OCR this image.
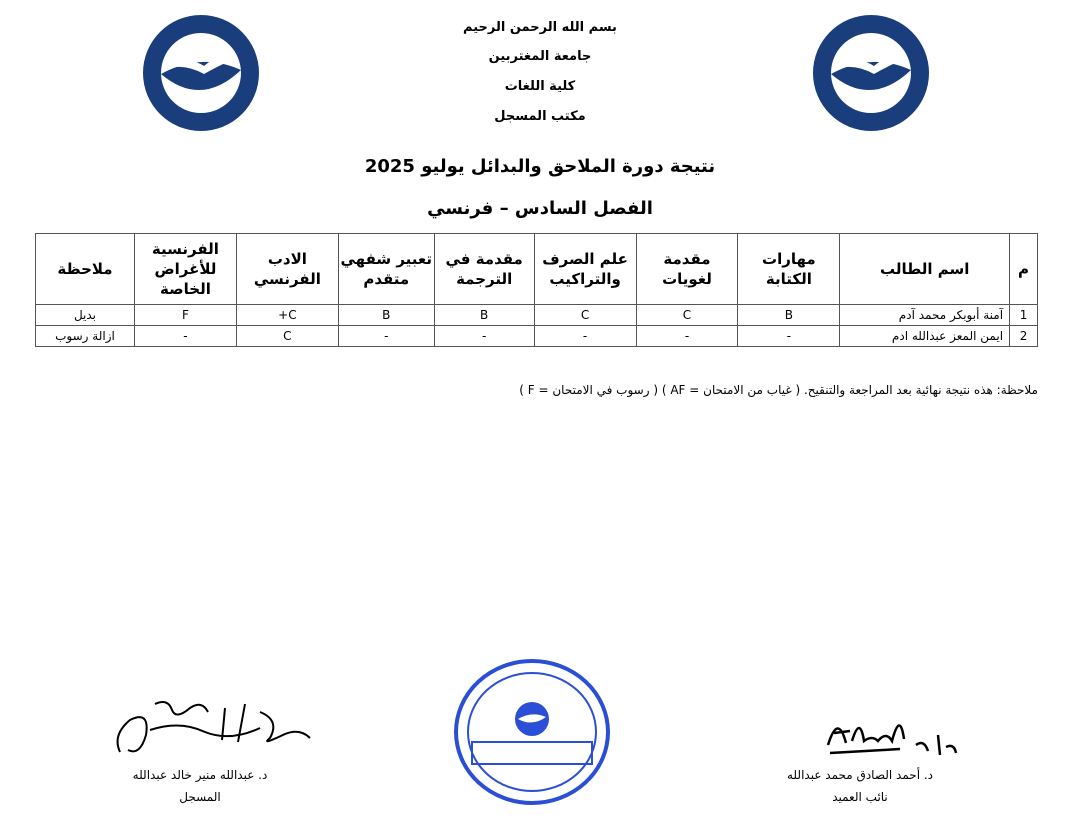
بسم الله الرحمن الرحيم
جامعة المغتربين
كلية اللغات
مكتب المسجل
نتيجة دورة الملاحق والبدائل يوليو 2025
الفصل السادس – فرنسي
م	اسم الطالب	مهارات الكتابة	مقدمة لغويات	علم الصرف والتراكيب	مقدمة في الترجمة	تعبير شفهي متقدم	الادب الفرنسي	الفرنسية للأغراض الخاصة	ملاحظة
1	آمنة أبوبكر محمد آدم	B	C	C	B	B	C+	F	بديل
2	ايمن المعز عبدالله ادم	-	-	-	-	-	C	-	ازالة رسوب
ملاحظة: هذه نتيجة نهائية بعد المراجعة والتنقيح. ( غياب من الامتحان = AF ) ( رسوب في الامتحان = F )
د. عبدالله منير خالد عبدالله
المسجل
د. أحمد الصادق محمد عبدالله
نائب العميد
